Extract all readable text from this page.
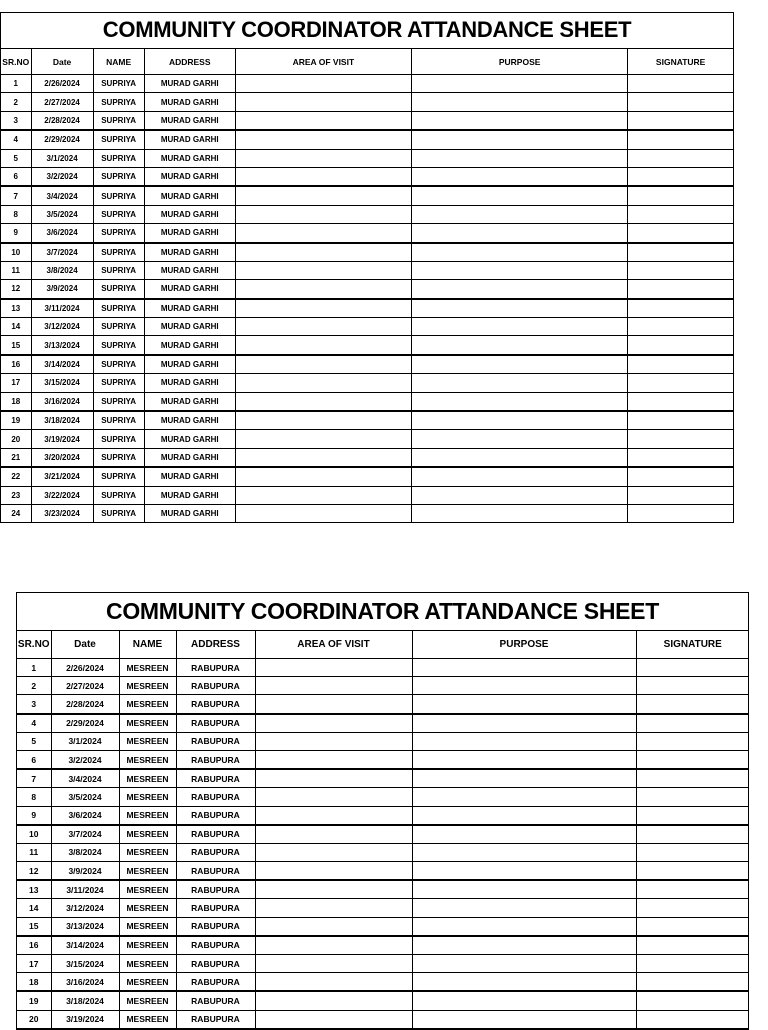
COMMUNITY COORDINATOR ATTANDANCE SHEET
SR.NO	Date	NAME	ADDRESS	AREA OF VISIT	PURPOSE	SIGNATURE
1	2/26/2024	SUPRIYA	MURAD GARHI			
2	2/27/2024	SUPRIYA	MURAD GARHI			
3	2/28/2024	SUPRIYA	MURAD GARHI			
4	2/29/2024	SUPRIYA	MURAD GARHI			
5	3/1/2024	SUPRIYA	MURAD GARHI			
6	3/2/2024	SUPRIYA	MURAD GARHI			
7	3/4/2024	SUPRIYA	MURAD GARHI			
8	3/5/2024	SUPRIYA	MURAD GARHI			
9	3/6/2024	SUPRIYA	MURAD GARHI			
10	3/7/2024	SUPRIYA	MURAD GARHI			
11	3/8/2024	SUPRIYA	MURAD GARHI			
12	3/9/2024	SUPRIYA	MURAD GARHI			
13	3/11/2024	SUPRIYA	MURAD GARHI			
14	3/12/2024	SUPRIYA	MURAD GARHI			
15	3/13/2024	SUPRIYA	MURAD GARHI			
16	3/14/2024	SUPRIYA	MURAD GARHI			
17	3/15/2024	SUPRIYA	MURAD GARHI			
18	3/16/2024	SUPRIYA	MURAD GARHI			
19	3/18/2024	SUPRIYA	MURAD GARHI			
20	3/19/2024	SUPRIYA	MURAD GARHI			
21	3/20/2024	SUPRIYA	MURAD GARHI			
22	3/21/2024	SUPRIYA	MURAD GARHI			
23	3/22/2024	SUPRIYA	MURAD GARHI			
24	3/23/2024	SUPRIYA	MURAD GARHI			
COMMUNITY COORDINATOR ATTANDANCE SHEET
SR.NO	Date	NAME	ADDRESS	AREA OF VISIT	PURPOSE	SIGNATURE
1	2/26/2024	MESREEN	RABUPURA			
2	2/27/2024	MESREEN	RABUPURA			
3	2/28/2024	MESREEN	RABUPURA			
4	2/29/2024	MESREEN	RABUPURA			
5	3/1/2024	MESREEN	RABUPURA			
6	3/2/2024	MESREEN	RABUPURA			
7	3/4/2024	MESREEN	RABUPURA			
8	3/5/2024	MESREEN	RABUPURA			
9	3/6/2024	MESREEN	RABUPURA			
10	3/7/2024	MESREEN	RABUPURA			
11	3/8/2024	MESREEN	RABUPURA			
12	3/9/2024	MESREEN	RABUPURA			
13	3/11/2024	MESREEN	RABUPURA			
14	3/12/2024	MESREEN	RABUPURA			
15	3/13/2024	MESREEN	RABUPURA			
16	3/14/2024	MESREEN	RABUPURA			
17	3/15/2024	MESREEN	RABUPURA			
18	3/16/2024	MESREEN	RABUPURA			
19	3/18/2024	MESREEN	RABUPURA			
20	3/19/2024	MESREEN	RABUPURA			
